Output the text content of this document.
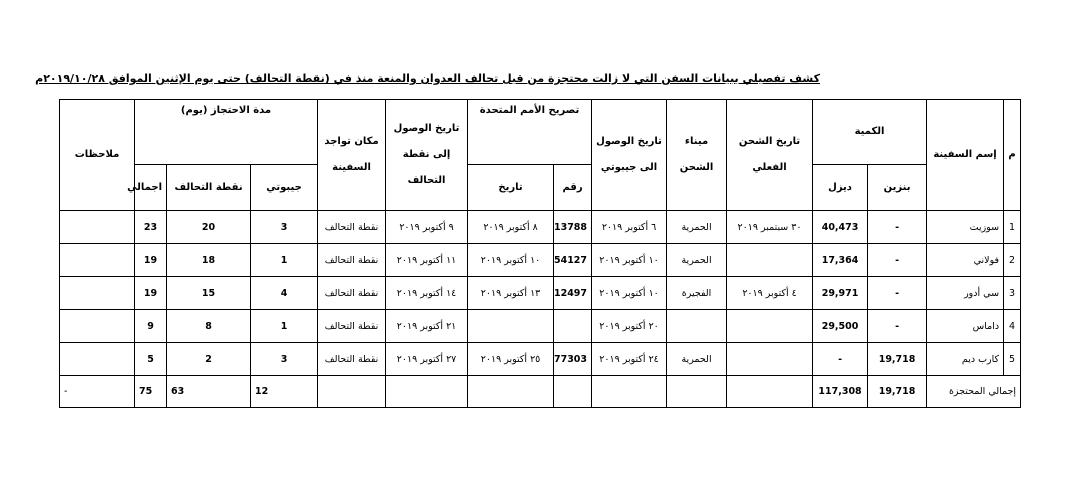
كشف تفصيلي ببيانات السفن التي لا زالت محتجزة من قبل تحالف العدوان والمنعة منذ في (نقطة التحالف) حتى يوم الإثنين الموافق ٢٠١٩/١٠/٢٨م
م	إسم السفينة	الكمية		تاريخ الشحن الفعلي	ميناء الشحن	تاريخ الوصول الى جيبوتي	تصريح الأمم المتحدة		تاريخ الوصول إلى نقطة التحالف	مكان تواجد السفينة	مدة الاحتجاز (يوم)			ملاحظات
		بنزين	ديزل				رقم	تاريخ			جيبوتي	نقطة التحالف	اجمالي	
1	سوزيت	-	40,473	٣٠ سبتمبر ٢٠١٩	الحمرية	٦ أكتوبر ٢٠١٩	13788	٨ أكتوبر ٢٠١٩	٩ أكتوبر ٢٠١٩	نقطة التحالف	3	20	23	
2	فولاني	-	17,364		الحمرية	١٠ أكتوبر ٢٠١٩	54127	١٠ أكتوبر ٢٠١٩	١١ أكتوبر ٢٠١٩	نقطة التحالف	1	18	19	
3	سي أدور	-	29,971	٤ أكتوبر ٢٠١٩	الفجيرة	١٠ أكتوبر ٢٠١٩	12497	١٣ أكتوبر ٢٠١٩	١٤ أكتوبر ٢٠١٩	نقطة التحالف	4	15	19	
4	داماس	-	29,500			٢٠ أكتوبر ٢٠١٩			٢١ أكتوبر ٢٠١٩	نقطة التحالف	1	8	9	
5	كارب ديم	19,718	-		الحمرية	٢٤ أكتوبر ٢٠١٩	77303	٢٥ أكتوبر ٢٠١٩	٢٧ أكتوبر ٢٠١٩	نقطة التحالف	3	2	5	
إجمالي المحتجزة		19,718	117,308								12	63	75	-
